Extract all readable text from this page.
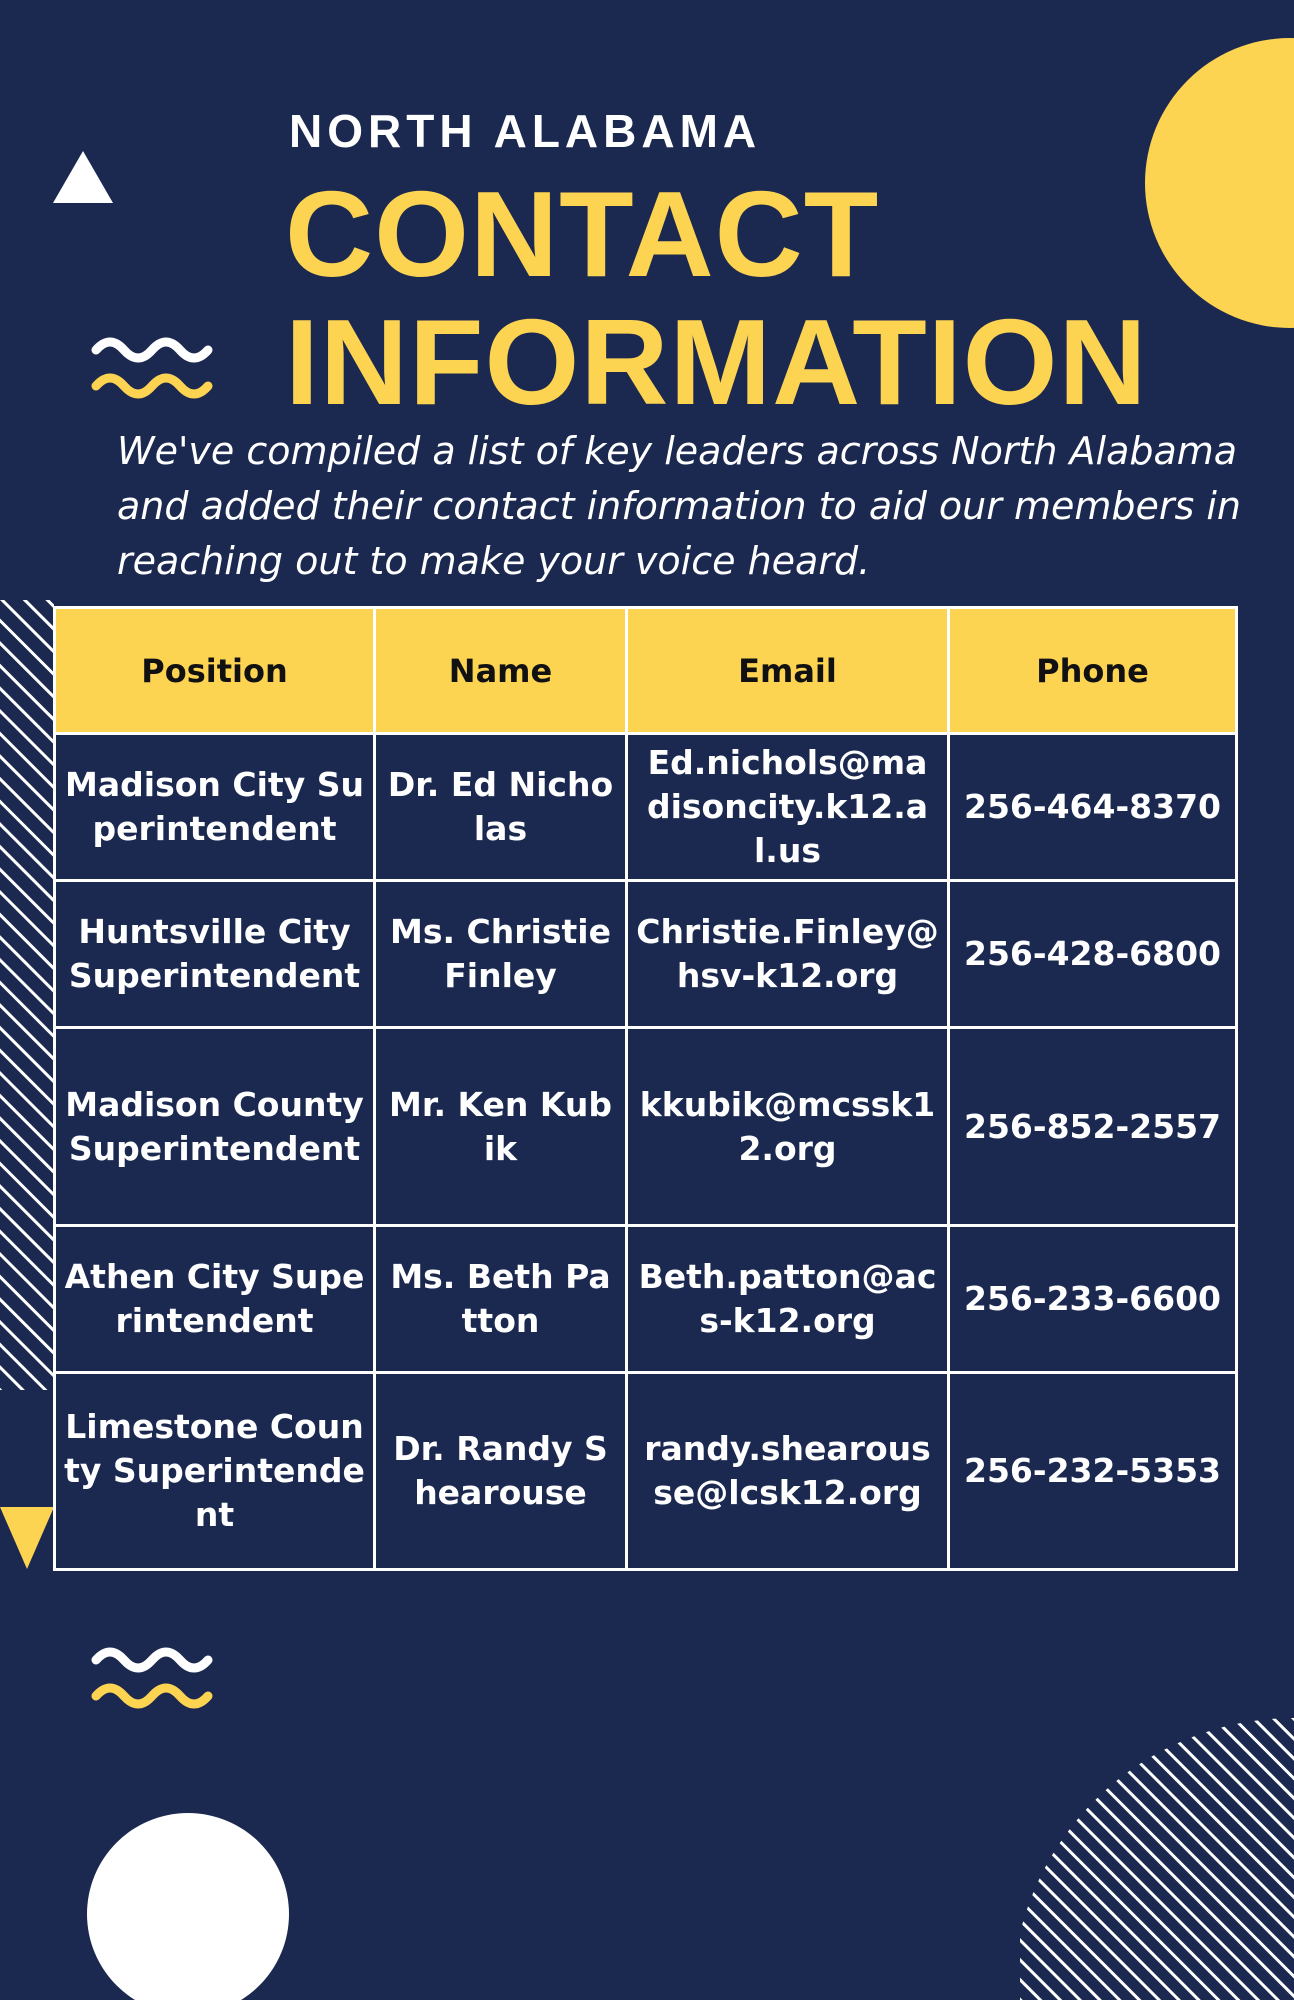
NORTH ALABAMA
CONTACT
INFORMATION
We've compiled a list of key leaders across North Alabama and added their contact information to aid our members in reaching out to make your voice heard.
Position	Name	Email	Phone
Madison City Superintendent	Dr. Ed Nicholas	Ed.nichols@madisoncity.k12.al.us	256-464-8370
Huntsville City Superintendent	Ms. Christie Finley	Christie.Finley@hsv-k12.org	256-428-6800
Madison County Superintendent	Mr. Ken Kubik	kkubik@mcssk12.org	256-852-2557
Athen City Superintendent	Ms. Beth Patton	Beth.patton@acs-k12.org	256-233-6600
Limestone County Superintendent	Dr. Randy Shearouse	randy.shearousse@lcsk12.org	256-232-5353
